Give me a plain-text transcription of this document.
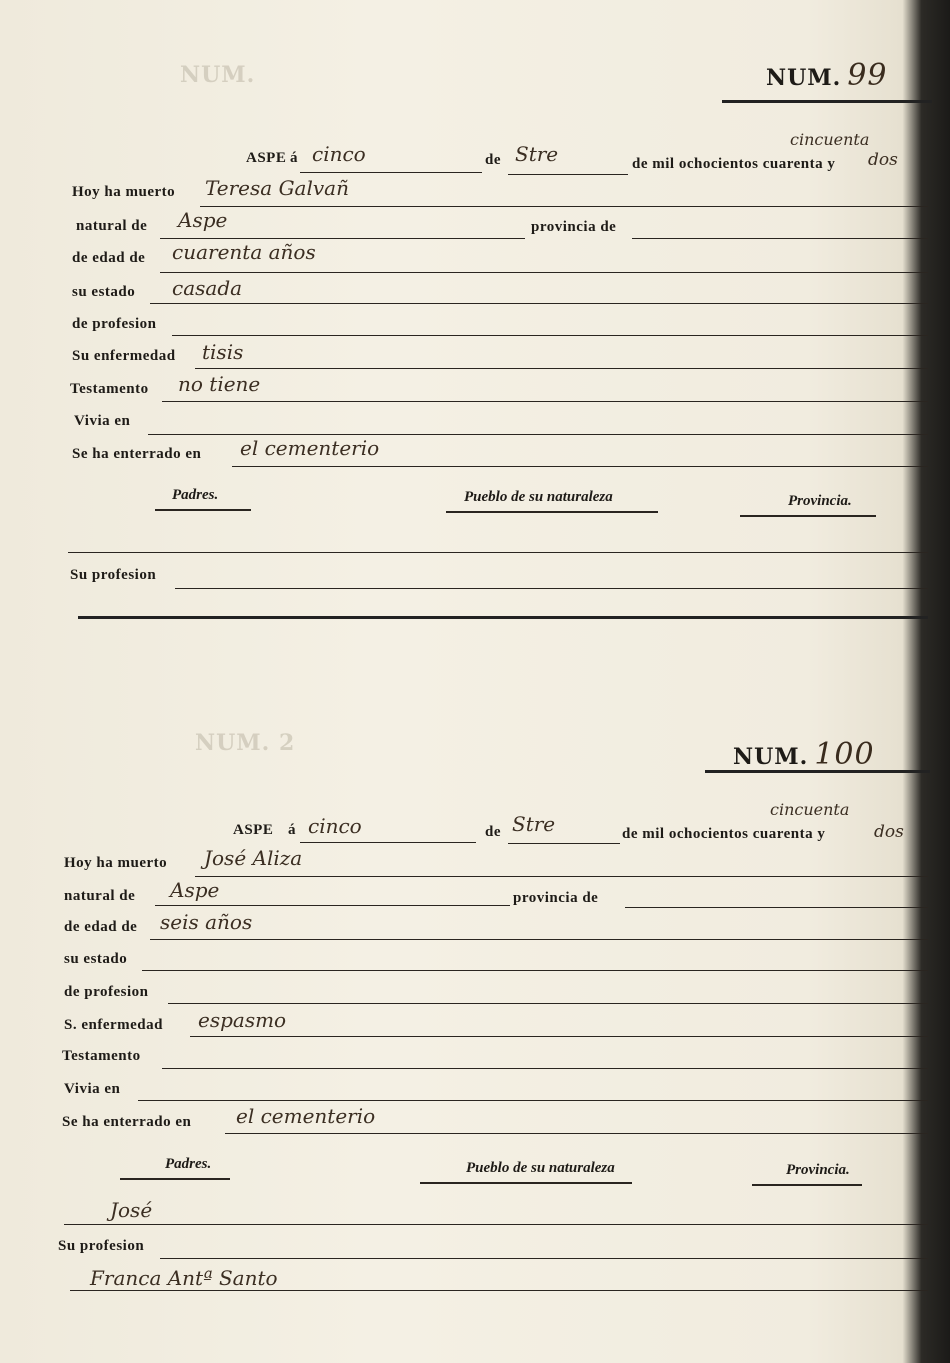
NUM.
NUM. 2
NUM. 99
ASPE á cinco	de Stre	de mil ochocientos cuarenta y
cincuenta
dos
Hoy ha muerto Teresa Galvañ
natural de Aspe	provincia de
de edad de cuarenta años
su estado casada
de profesion
Su enfermedad tisis
Testamento no tiene
Vivia en
Se ha enterrado en el cementerio
Padres.	Pueblo de su naturaleza	Provincia.
Su profesion
NUM. 100
ASPE á cinco	de Stre	de mil ochocientos cuarenta y
cincuenta
dos
Hoy ha muerto José Aliza
natural de Aspe	provincia de
de edad de seis años
su estado
de profesion
S. enfermedad espasmo
Testamento
Vivia en
Se ha enterrado en el cementerio
Padres.	Pueblo de su naturaleza	Provincia.
José
Su profesion
Franca Antª Santo
